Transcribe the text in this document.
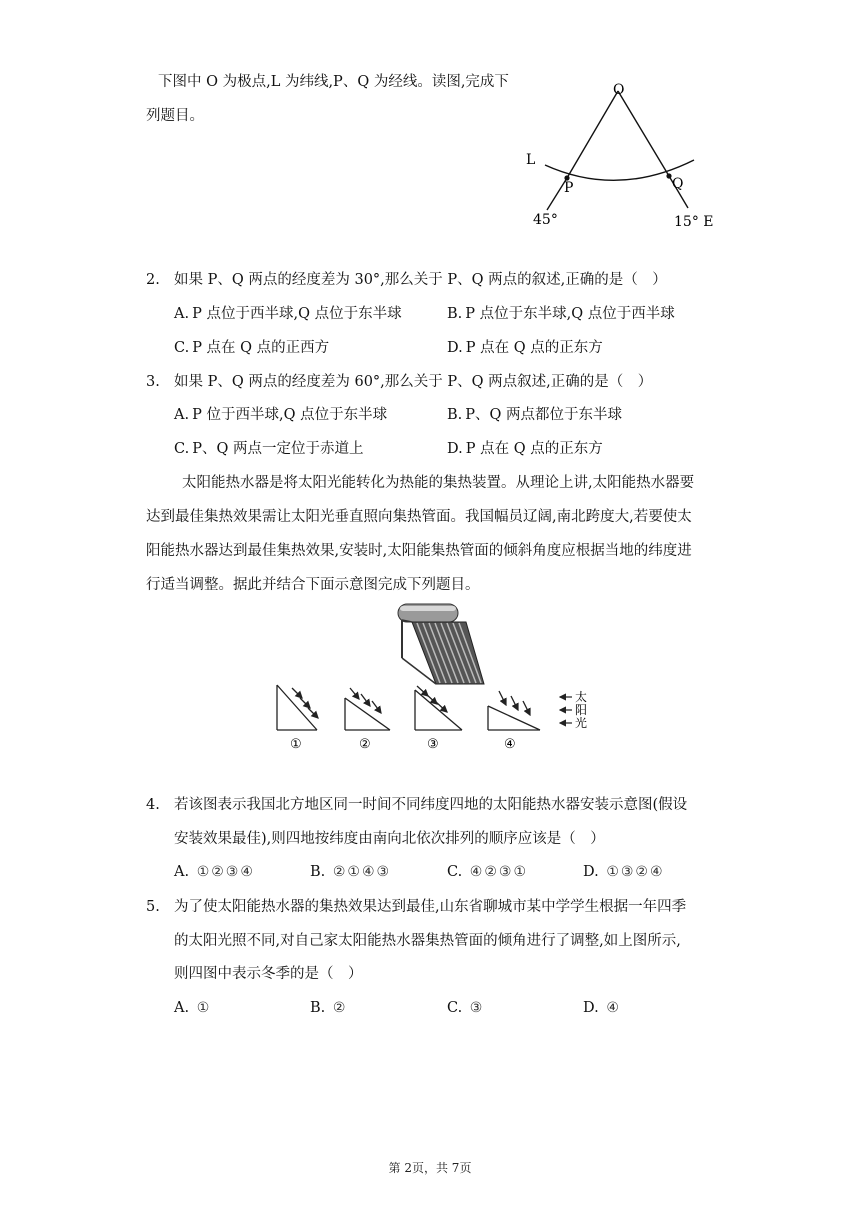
下图中 O 为极点,L 为纬线,P、Q 为经线。读图,完成下
列题目。
O
L
P	Q
45°	15° E
2. 如果 P、Q 两点的经度差为 30°,那么关于 P、Q 两点的叙述,正确的是（　）
A. P 点位于西半球,Q 点位于东半球	B. P 点位于东半球,Q 点位于西半球
C. P 点在 Q 点的正西方	D. P 点在 Q 点的正东方
3. 如果 P、Q 两点的经度差为 60°,那么关于 P、Q 两点叙述,正确的是（　）
A. P 位于西半球,Q 点位于东半球	B. P、Q 两点都位于东半球
C. P、Q 两点一定位于赤道上	D. P 点在 Q 点的正东方
太阳能热水器是将太阳光能转化为热能的集热装置。从理论上讲,太阳能热水器要
达到最佳集热效果需让太阳光垂直照向集热管面。我国幅员辽阔,南北跨度大,若要使太
阳能热水器达到最佳集热效果,安装时,太阳能集热管面的倾斜角度应根据当地的纬度进
行适当调整。据此并结合下面示意图完成下列题目。
太
阳
光
①	②	③	④
4. 若该图表示我国北方地区同一时间不同纬度四地的太阳能热水器安装示意图(假设
安装效果最佳),则四地按纬度由南向北依次排列的顺序应该是（　）
A. ①②③④	B. ②①④③	C. ④②③①	D. ①③②④
5. 为了使太阳能热水器的集热效果达到最佳,山东省聊城市某中学学生根据一年四季
的太阳光照不同,对自己家太阳能热水器集热管面的倾角进行了调整,如上图所示,
则四图中表示冬季的是（　）
A. ①	B. ②	C. ③	D. ④
第 2页，共 7页
